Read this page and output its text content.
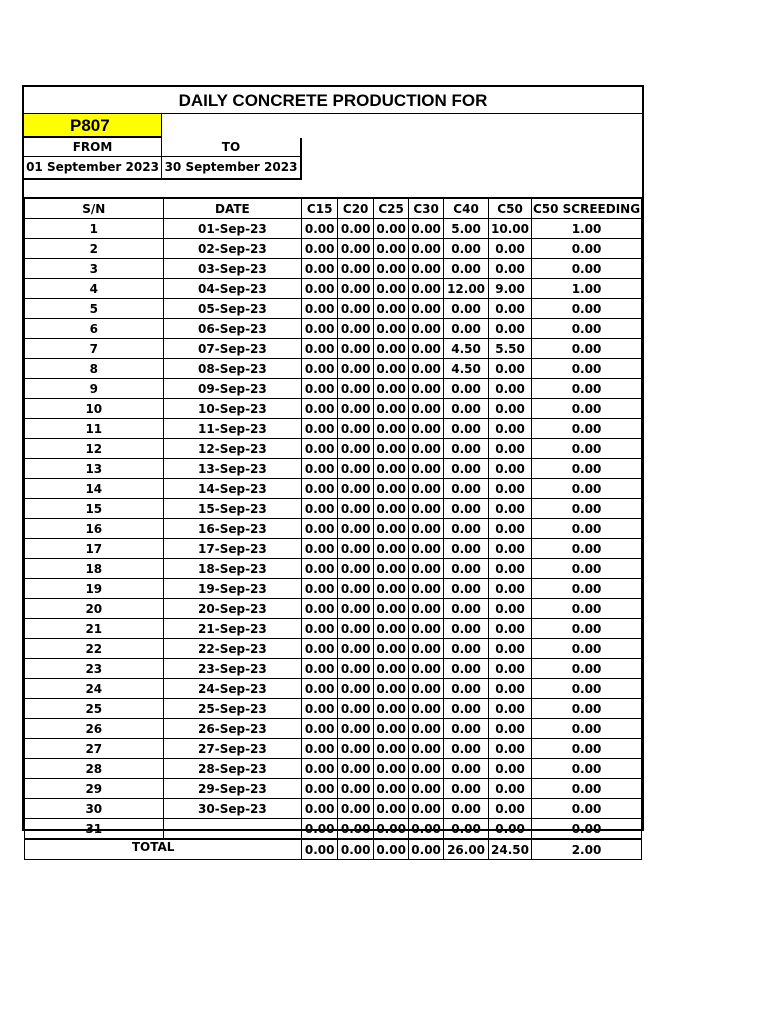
DAILY CONCRETE PRODUCTION FOR
P807
FROM	TO
01 September 2023 30 September 2023
S/N	DATE	C15	C20	C25	C30	C40	C50	C50 SCREEDING
1	01-Sep-23	0.00	0.00	0.00	0.00	5.00	10.00	1.00
2	02-Sep-23	0.00	0.00	0.00	0.00	0.00	0.00	0.00
3	03-Sep-23	0.00	0.00	0.00	0.00	0.00	0.00	0.00
4	04-Sep-23	0.00	0.00	0.00	0.00	12.00	9.00	1.00
5	05-Sep-23	0.00	0.00	0.00	0.00	0.00	0.00	0.00
6	06-Sep-23	0.00	0.00	0.00	0.00	0.00	0.00	0.00
7	07-Sep-23	0.00	0.00	0.00	0.00	4.50	5.50	0.00
8	08-Sep-23	0.00	0.00	0.00	0.00	4.50	0.00	0.00
9	09-Sep-23	0.00	0.00	0.00	0.00	0.00	0.00	0.00
10	10-Sep-23	0.00	0.00	0.00	0.00	0.00	0.00	0.00
11	11-Sep-23	0.00	0.00	0.00	0.00	0.00	0.00	0.00
12	12-Sep-23	0.00	0.00	0.00	0.00	0.00	0.00	0.00
13	13-Sep-23	0.00	0.00	0.00	0.00	0.00	0.00	0.00
14	14-Sep-23	0.00	0.00	0.00	0.00	0.00	0.00	0.00
15	15-Sep-23	0.00	0.00	0.00	0.00	0.00	0.00	0.00
16	16-Sep-23	0.00	0.00	0.00	0.00	0.00	0.00	0.00
17	17-Sep-23	0.00	0.00	0.00	0.00	0.00	0.00	0.00
18	18-Sep-23	0.00	0.00	0.00	0.00	0.00	0.00	0.00
19	19-Sep-23	0.00	0.00	0.00	0.00	0.00	0.00	0.00
20	20-Sep-23	0.00	0.00	0.00	0.00	0.00	0.00	0.00
21	21-Sep-23	0.00	0.00	0.00	0.00	0.00	0.00	0.00
22	22-Sep-23	0.00	0.00	0.00	0.00	0.00	0.00	0.00
23	23-Sep-23	0.00	0.00	0.00	0.00	0.00	0.00	0.00
24	24-Sep-23	0.00	0.00	0.00	0.00	0.00	0.00	0.00
25	25-Sep-23	0.00	0.00	0.00	0.00	0.00	0.00	0.00
26	26-Sep-23	0.00	0.00	0.00	0.00	0.00	0.00	0.00
27	27-Sep-23	0.00	0.00	0.00	0.00	0.00	0.00	0.00
28	28-Sep-23	0.00	0.00	0.00	0.00	0.00	0.00	0.00
29	29-Sep-23	0.00	0.00	0.00	0.00	0.00	0.00	0.00
30	30-Sep-23	0.00	0.00	0.00	0.00	0.00	0.00	0.00
31		0.00	0.00	0.00	0.00	0.00	0.00	0.00
TOTAL		0.00	0.00	0.00	0.00	26.00	24.50	2.00
